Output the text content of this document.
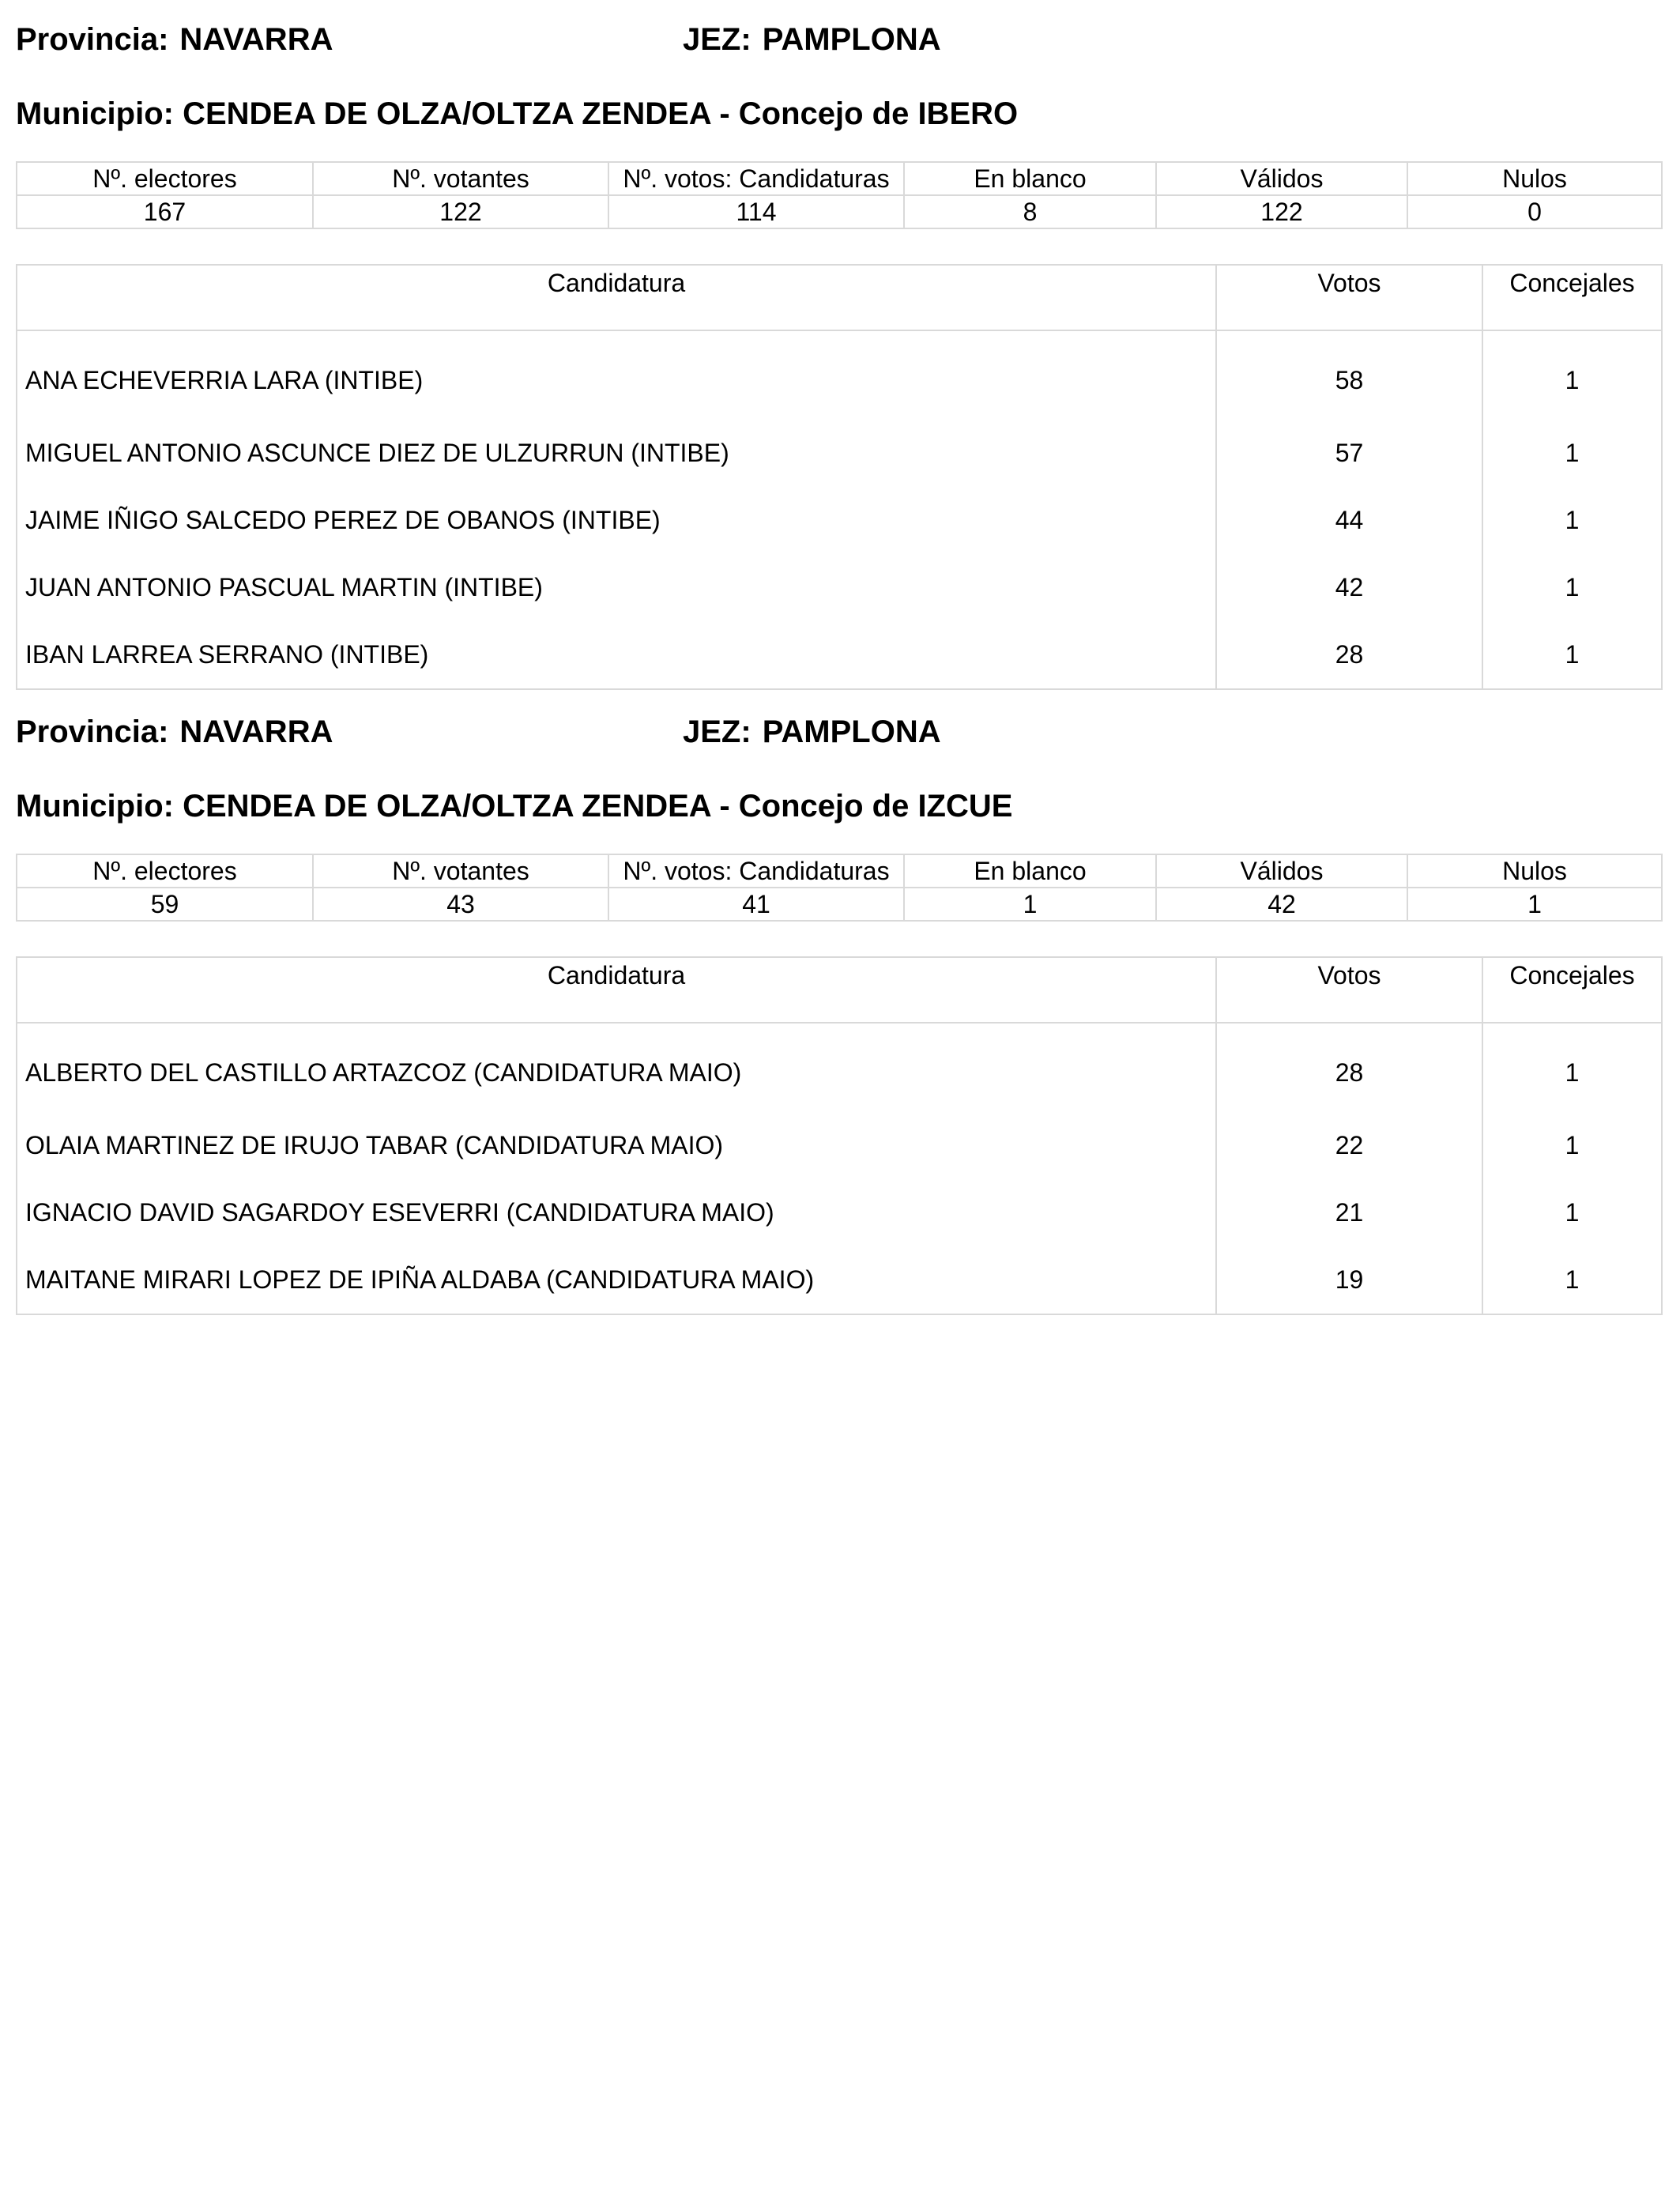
Provincia: NAVARRA	JEZ: PAMPLONA
Municipio: CENDEA DE OLZA/OLTZA ZENDEA - Concejo de IBERO
Nº. electores	Nº. votantes	Nº. votos: Candidaturas	En blanco	Válidos	Nulos
167	122	114	8	122	0
Candidatura	Votos	Concejales
ANA ECHEVERRIA LARA (INTIBE)	58	1
MIGUEL ANTONIO ASCUNCE DIEZ DE ULZURRUN (INTIBE)	57	1
JAIME IÑIGO SALCEDO PEREZ DE OBANOS (INTIBE)	44	1
JUAN ANTONIO PASCUAL MARTIN (INTIBE)	42	1
IBAN LARREA SERRANO (INTIBE)	28	1
Provincia: NAVARRA	JEZ: PAMPLONA
Municipio: CENDEA DE OLZA/OLTZA ZENDEA - Concejo de IZCUE
Nº. electores	Nº. votantes	Nº. votos: Candidaturas	En blanco	Válidos	Nulos
59	43	41	1	42	1
Candidatura	Votos	Concejales
ALBERTO DEL CASTILLO ARTAZCOZ (CANDIDATURA MAIO)	28	1
OLAIA MARTINEZ DE IRUJO TABAR (CANDIDATURA MAIO)	22	1
IGNACIO DAVID SAGARDOY ESEVERRI (CANDIDATURA MAIO)	21	1
MAITANE MIRARI LOPEZ DE IPIÑA ALDABA (CANDIDATURA MAIO)	19	1
